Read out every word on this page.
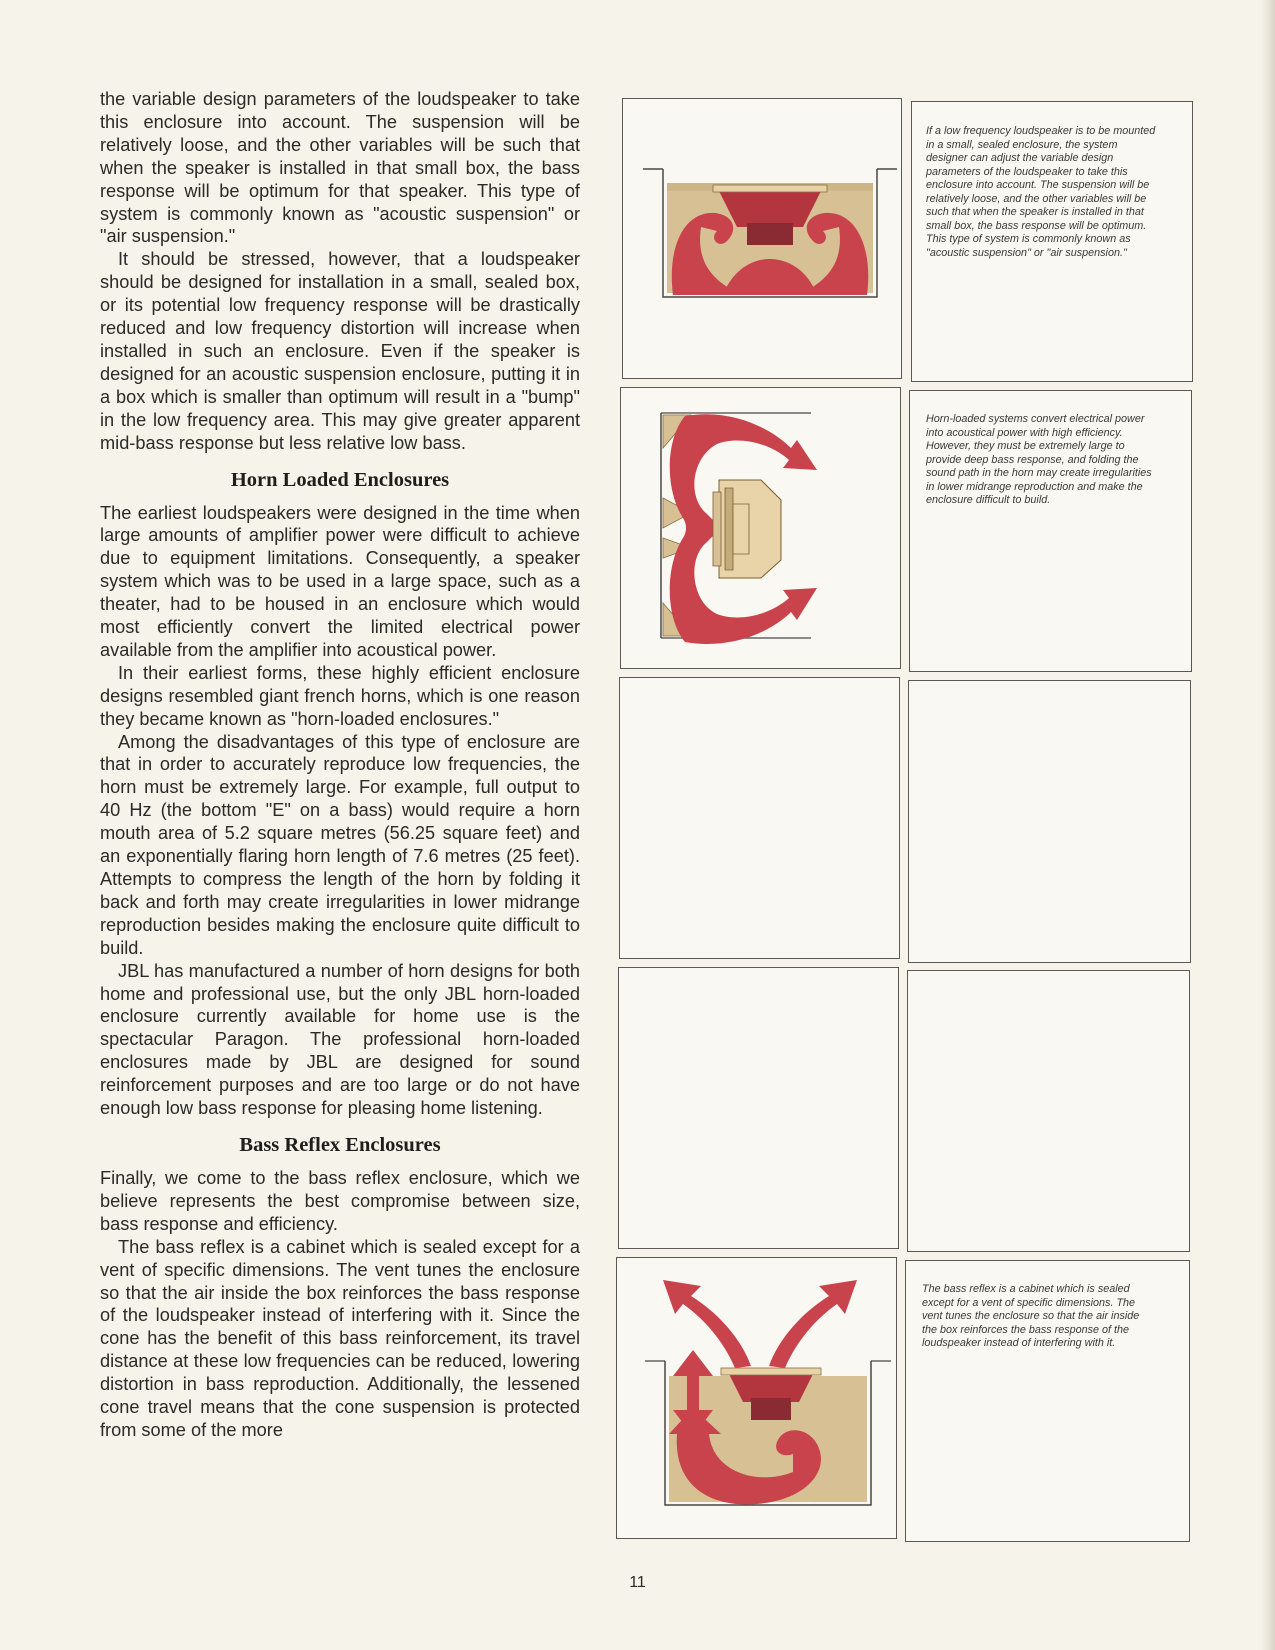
the variable design parameters of the loudspeaker to take this enclosure into account. The suspension will be relatively loose, and the other variables will be such that when the speaker is installed in that small box, the bass response will be optimum for that speaker. This type of system is commonly known as "acoustic suspension" or "air suspension."

It should be stressed, however, that a loudspeaker should be designed for installation in a small, sealed box, or its potential low frequency response will be drastically reduced and low frequency distortion will increase when installed in such an enclosure. Even if the speaker is designed for an acoustic suspension enclosure, putting it in a box which is smaller than optimum will result in a "bump" in the low frequency area. This may give greater apparent mid-bass response but less relative low bass.

Horn Loaded Enclosures

The earliest loudspeakers were designed in the time when large amounts of amplifier power were difficult to achieve due to equipment limitations. Consequently, a speaker system which was to be used in a large space, such as a theater, had to be housed in an enclosure which would most efficiently convert the limited electrical power available from the amplifier into acoustical power.

In their earliest forms, these highly efficient enclosure designs resembled giant french horns, which is one reason they became known as "horn-loaded enclosures."

Among the disadvantages of this type of enclosure are that in order to accurately reproduce low frequencies, the horn must be extremely large. For example, full output to 40 Hz (the bottom "E" on a bass) would require a horn mouth area of 5.2 square metres (56.25 square feet) and an exponentially flaring horn length of 7.6 metres (25 feet). Attempts to compress the length of the horn by folding it back and forth may create irregularities in lower midrange reproduction besides making the enclosure quite difficult to build.

JBL has manufactured a number of horn designs for both home and professional use, but the only JBL horn-loaded enclosure currently available for home use is the spectacular Paragon. The professional horn-loaded enclosures made by JBL are designed for sound reinforcement purposes and are too large or do not have enough low bass response for pleasing home listening.

Bass Reflex Enclosures

Finally, we come to the bass reflex enclosure, which we believe represents the best compromise between size, bass response and efficiency.

The bass reflex is a cabinet which is sealed except for a vent of specific dimensions. The vent tunes the enclosure so that the air inside the box reinforces the bass response of the loudspeaker instead of interfering with it. Since the cone has the benefit of this bass reinforcement, its travel distance at these low frequencies can be reduced, lowering distortion in bass reproduction. Additionally, the lessened cone travel means that the cone suspension is protected from some of the more

If a low frequency loudspeaker is to be mounted in a small, sealed enclosure, the system designer can adjust the variable design parameters of the loudspeaker to take this enclosure into account. The suspension will be relatively loose, and the other variables will be such that when the speaker is installed in that small box, the bass response will be optimum. This type of system is commonly known as "acoustic suspension" or "air suspension."
Horn-loaded systems convert electrical power into acoustical power with high efficiency. However, they must be extremely large to provide deep bass response, and folding the sound path in the horn may create irregularities in lower midrange reproduction and make the enclosure difficult to build.
The bass reflex is a cabinet which is sealed except for a vent of specific dimensions. The vent tunes the enclosure so that the air inside the box reinforces the bass response of the loudspeaker instead of interfering with it.
11
